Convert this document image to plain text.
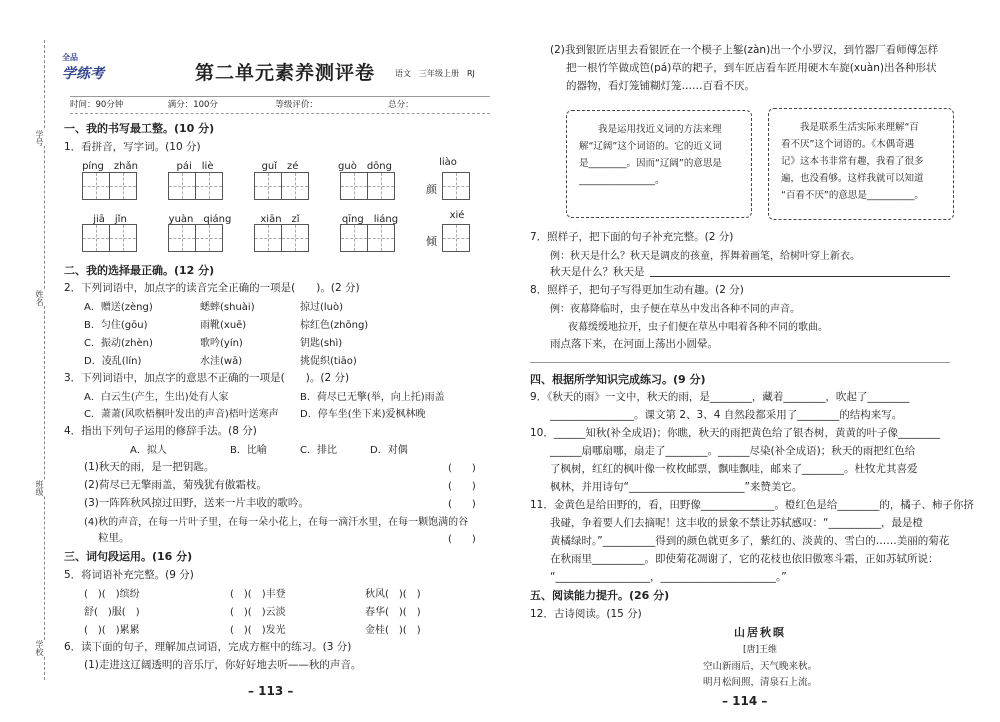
学号
姓名
班级
学校
全品
学练考	第二单元素养测评卷 语文　三年级上册　RJ
时间：90分钟	满分：100分	等级评价：	总分：
一、我的书写最工整。(10 分)
1．看拼音，写字词。(10 分)
píng　zhǎn	pái　liè	guǐ　zé	guò　dōng	liào
颜
jiā　jǐn	yuàn　qiáng	xiān　zǐ	qīng　liáng	xié
倾
二、我的选择最正确。(12 分)
2．下列词语中，加点字的读音完全正确的一项是(　　)。(2 分)
A．赠送(zèng)	蟋蟀(shuài)	掠过(luò)
B．匀住(gōu)	雨靴(xuē)	棕红色(zhōng)
C．振动(zhèn)	歌吟(yín)	钥匙(shì)
D．凌乱(lín)	水洼(wā)	挑促织(tiāo)
3．下列词语中，加点字的意思不正确的一项是(　　)。(2 分)
A．白云生(产生，生出)处有人家	B．荷尽已无擎(举，向上托)雨盖
C．萧萧(风吹梧桐叶发出的声音)梧叶送寒声 D．停车坐(坐下来)爱枫林晚
4．指出下列句子运用的修辞手法。(8 分)
A．拟人	B．比喻	C．排比	D．对偶
(1)秋天的雨，是一把钥匙。	(　　)
(2)荷尽已无擎雨盖，菊残犹有傲霜枝。	(　　)
(3)一阵阵秋风掠过田野，送来一片丰收的歌吟。	(　　)
(4)秋的声音，在每一片叶子里，在每一朵小花上，在每一滴汗水里，在每一颗饱满的谷
粒里。	(　　)
三、词句段运用。(16 分)
5．将词语补充完整。(9 分)
(　)(　)缤纷	(　)(　)丰登	秋风(　)(　)
舒(　)服(　)	(　)(　)云淡	春华(　)(　)
(　)(　)累累	(　)(　)发光	金桂(　)(　)
6．读下面的句子，理解加点词语，完成方框中的练习。(3 分)
(1)走进这辽阔透明的音乐厅，你好好地去听——秋的声音。
– 113 –
(2)我到银匠店里去看银匠在一个模子上錾(zàn)出一个小罗汉，到竹器厂看师傅怎样
把一根竹竿做成笆(pá)草的耙子，到车匠店看车匠用硬木车旋(xuàn)出各种形状
的器物，看灯笼铺糊灯笼……百看不厌。
我是运用找近义词的方法来理
解“辽阔”这个词语的。它的近义词
是________。因而“辽阔”的意思是
________________。
我是联系生活实际来理解“百
看不厌”这个词语的。《木偶奇遇
记》这本书非常有趣，我看了很多
遍，也没看够。这样我就可以知道
“百看不厌”的意思是__________。
7．照样子，把下面的句子补充完整。(2 分)
例：秋天是什么？秋天是调皮的孩童，挥舞着画笔，给树叶穿上新衣。
秋天是什么？秋天是
8．照样子，把句子写得更加生动有趣。(2 分)
例：夜幕降临时，虫子便在草丛中发出各种不同的声音。
夜幕缓缓地拉开，虫子们便在草丛中唱着各种不同的歌曲。
雨点落下来，在河面上荡出小圆晕。
四、根据所学知识完成练习。(9 分)
9．《秋天的雨》一文中，秋天的雨，是________，藏着________，吹起了________
________________。课文第 2、3、4 自然段都采用了________的结构来写。
10．______知秋(补全成语)；你瞧，秋天的雨把黄色给了银杏树，黄黄的叶子像________
______扇哪扇哪，扇走了________。______尽染(补全成语)；秋天的雨把红色给
了枫树，红红的枫叶像一枚枚邮票，飘哇飘哇，邮来了________。杜牧尤其喜爱
枫林，并用诗句“______________________”来赞美它。
11．金黄色是给田野的，看，田野像______________。橙红色是给________的，橘子、柿子你挤
我碰，争着要人们去摘呢！这丰收的景象不禁让苏轼感叹：“__________，最是橙
黄橘绿时。”__________得到的颜色就更多了，紫红的、淡黄的、雪白的……美丽的菊花
在秋雨里__________。即使菊花凋谢了，它的花枝也依旧傲寒斗霜，正如苏轼所说：
“__________________，______________________。”
五、阅读能力提升。(26 分)
12．古诗阅读。(15 分)
山居秋暝
[唐]王维
空山新雨后，天气晚来秋。
明月松间照，清泉石上流。
– 114 –
